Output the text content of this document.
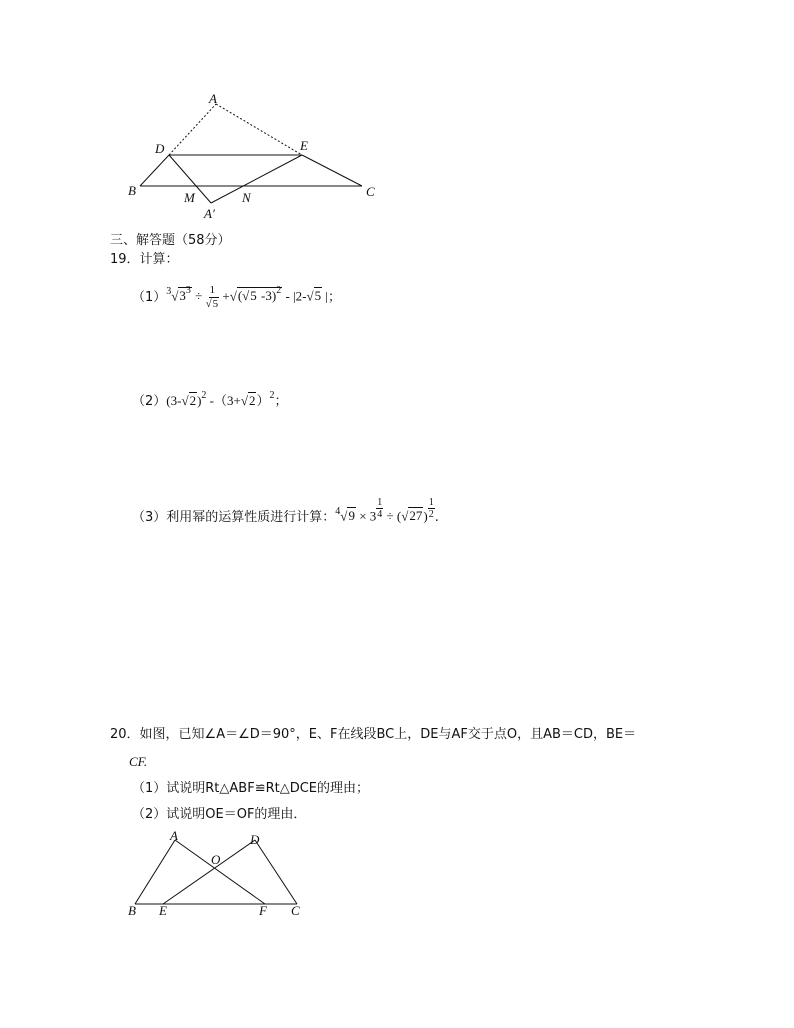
A
D	E
B	M	N
A′
C
三、解答题（58分）
19．计算：
（1） $^3√3^3 \div \frac{1}{√5} +√(√5$ -3)$^2$ - |2-√5 | ；
（2） $(3-√2)^2$ $-(3+√2)^2$ ；
（3） 利用幂的运算性质进行计算： $^4√9 \times 3 \frac{1}{4} \div (√27) \frac{1}{2}$ .
20．如图，已知∠A＝∠D＝90°，E、F在线段BC上，DE与AF交于点O，且AB＝CD，BE＝
CF.
（1）试说明Rt△ABF≌Rt△DCE的理由；
（2）试说明OE＝OF的理由．
A	D
O
B E	F C
